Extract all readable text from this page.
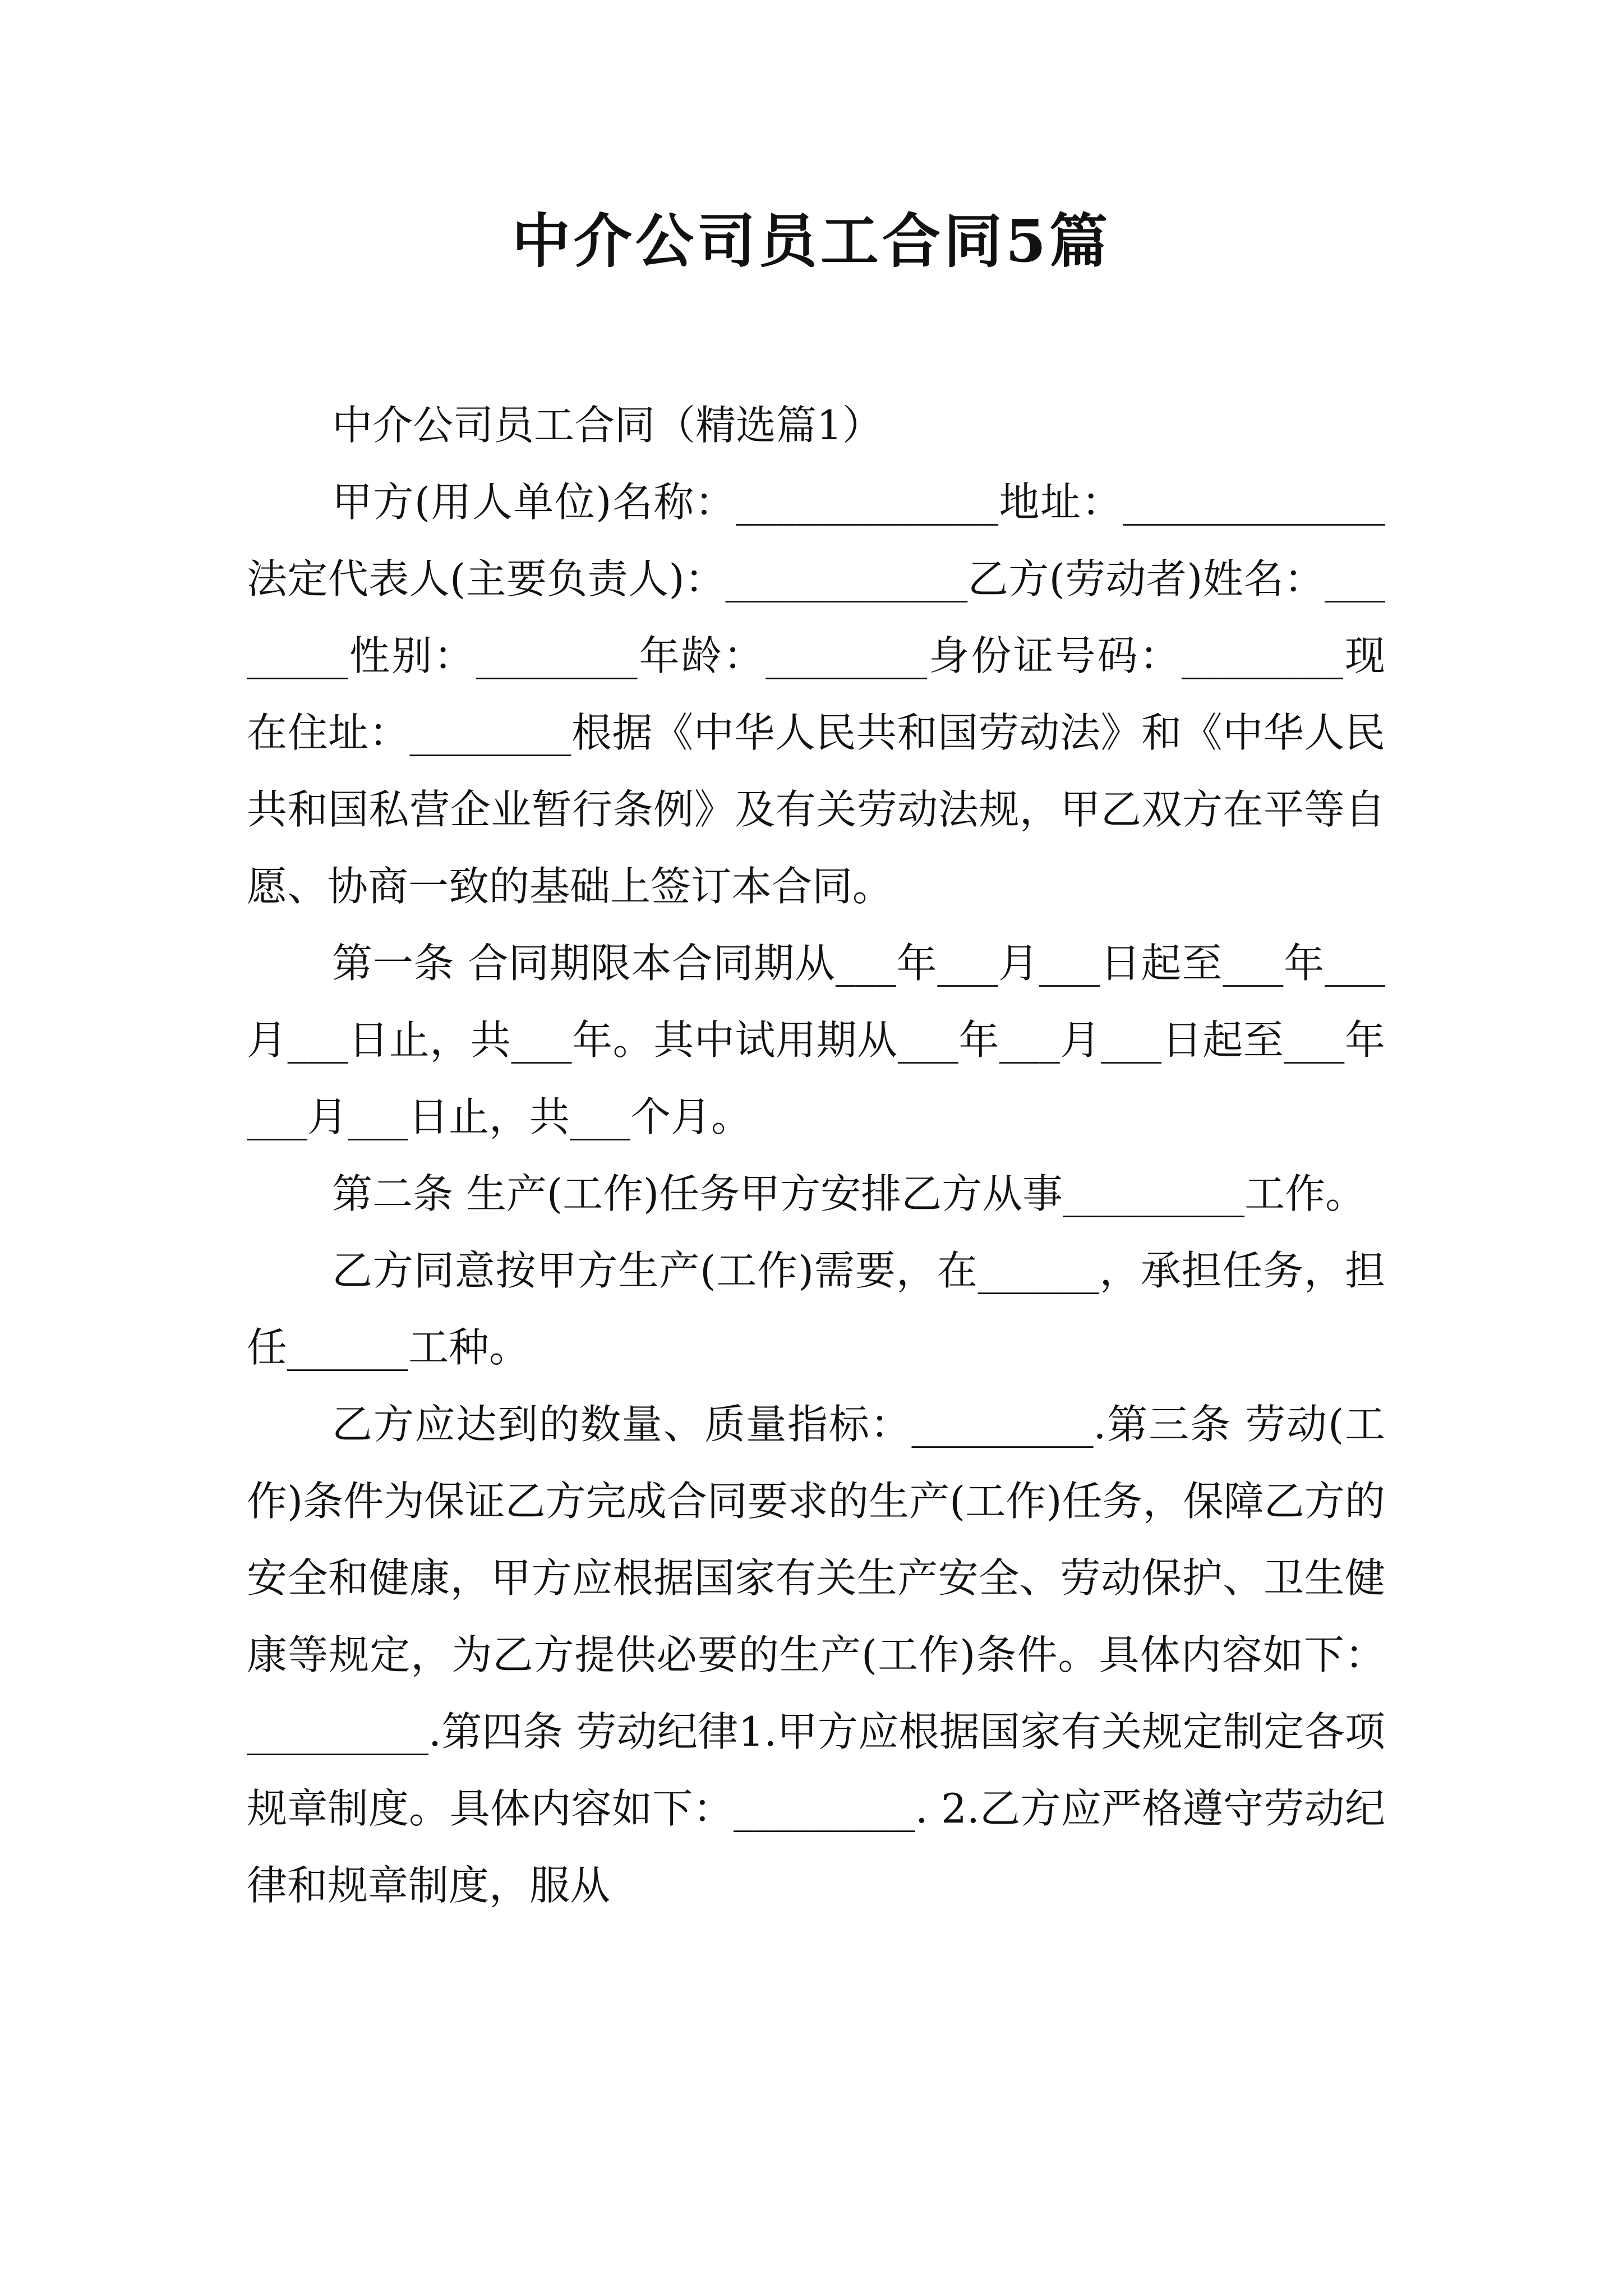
中介公司员工合同5篇

中介公司员工合同（精选篇1）

甲方(用人单位)名称：_____________地址：_____________法定代表人(主要负责人)：____________乙方(劳动者)姓名：________性别：________年龄：________身份证号码：________现在住址：________根据《中华人民共和国劳动法》和《中华人民共和国私营企业暂行条例》及有关劳动法规，甲乙双方在平等自愿、协商一致的基础上签订本合同。

第一条 合同期限本合同期从___年___月___日起至___年___月___日止，共___年。其中试用期从___年___月___日起至___年___月___日止，共___个月。

第二条 生产(工作)任务甲方安排乙方从事_________工作。

乙方同意按甲方生产(工作)需要，在______，承担任务，担任______工种。

乙方应达到的数量、质量指标：_________.第三条 劳动(工作)条件为保证乙方完成合同要求的生产(工作)任务，保障乙方的安全和健康，甲方应根据国家有关生产安全、劳动保护、卫生健康等规定，为乙方提供必要的生产(工作)条件。具体内容如下：_________.第四条 劳动纪律1.甲方应根据国家有关规定制定各项规章制度。具体内容如下：_________. 2.乙方应严格遵守劳动纪律和规章制度，服从
